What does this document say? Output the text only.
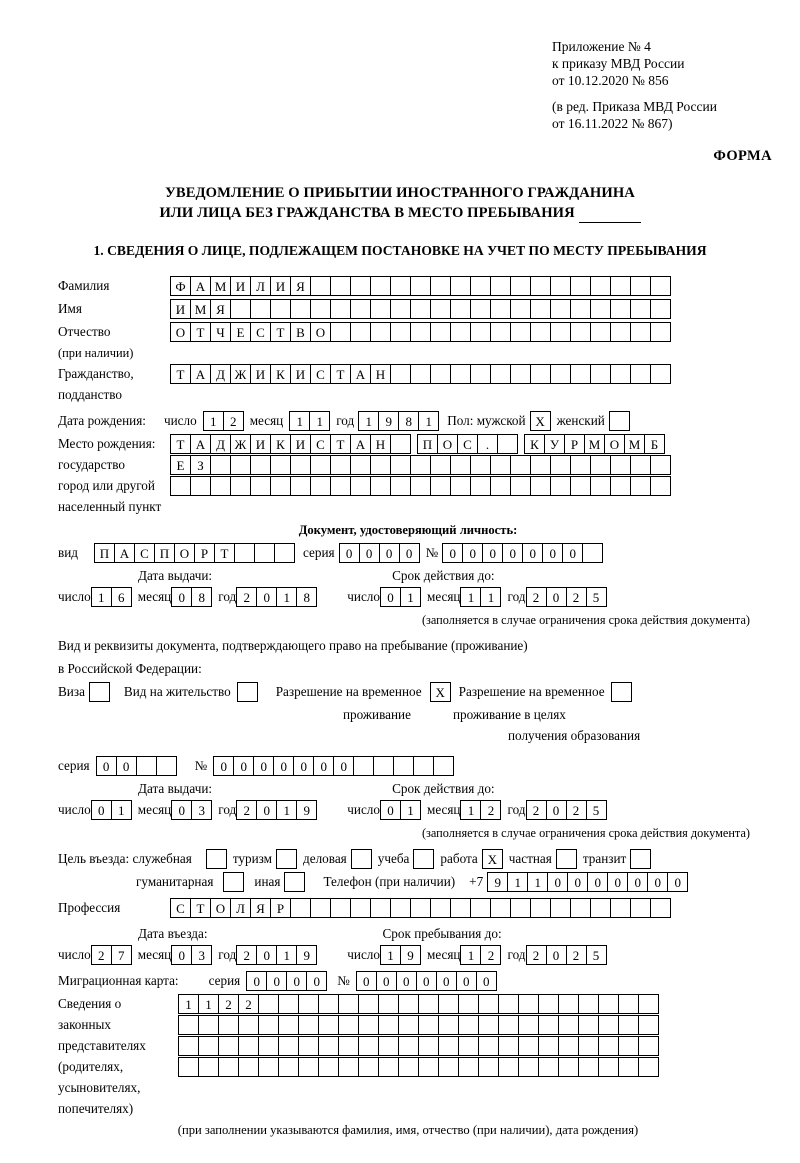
Приложение № 4
к приказу МВД России
от 10.12.2020 № 856
(в ред. Приказа МВД России
от 16.11.2022 № 867)
ФОРМА
УВЕДОМЛЕНИЕ О ПРИБЫТИИ ИНОСТРАННОГО ГРАЖДАНИНА
ИЛИ ЛИЦА БЕЗ ГРАЖДАНСТВА В МЕСТО ПРЕБЫВАНИЯ
1. СВЕДЕНИЯ О ЛИЦЕ, ПОДЛЕЖАЩЕМ ПОСТАНОВКЕ НА УЧЕТ ПО МЕСТУ ПРЕБЫВАНИЯ
Фамилия	Ф А М И Л И Я
Имя	И М Я
Отчество	О Т Ч Е С Т В О
(при наличии)
Гражданство,	Т А Д Ж И К И С Т А Н
подданство
Дата рождения: число	1	2	месяц	1	1	год 1	9	8	1	Пол: мужской X женский
Место рождения:	Т А Д Ж И К И С Т А Н	П О С	.	К У Р М О М Б
государство	Е З
город или другой
населенный пункт
Документ, удостоверяющий личность:
вид	П А С П О Р Т	серия 0	0	0	0	№ 0	0	0	0	0	0	0
Дата выдачи:	Срок действия до:
число 1	6	месяц 0	8	год 2	0	1	8	число 0	1	месяц 1	1	год 2	0	2	5
(заполняется в случае ограничения срока действия документа)
Вид и реквизиты документа, подтверждающего право на пребывание (проживание)
в Российской Федерации:
Виза	Вид на жительство	Разрешение на временное	X	Разрешение на временное
проживание	проживание в целях
получения образования
серия	0	0	№	0	0	0	0	0	0	0
Дата выдачи:	Срок действия до:
число 0	1	месяц 0	3	год 2	0	1	9	число 0	1	месяц 1	2	год 2	0	2	5
(заполняется в случае ограничения срока действия документа)
Цель въезда: служебная	туризм деловая учеба работа X частная транзит
гуманитарная	иная	Телефон (при наличии) +7 9	1	1	0	0	0	0	0	0	0
Профессия	С Т О Л Я Р
Дата въезда:	Срок пребывания до:
число 2	7	месяц 0	3	год 2	0	1	9	число 1	9	месяц 1	2	год 2	0	2	5
Миграционная карта: серия	0	0	0	0	№	0	0	0	0	0	0	0
Сведения о	1	1	2	2
законных
представителях
(родителях,
усыновителях,
попечителях)
(при заполнении указываются фамилия, имя, отчество (при наличии), дата рождения)
